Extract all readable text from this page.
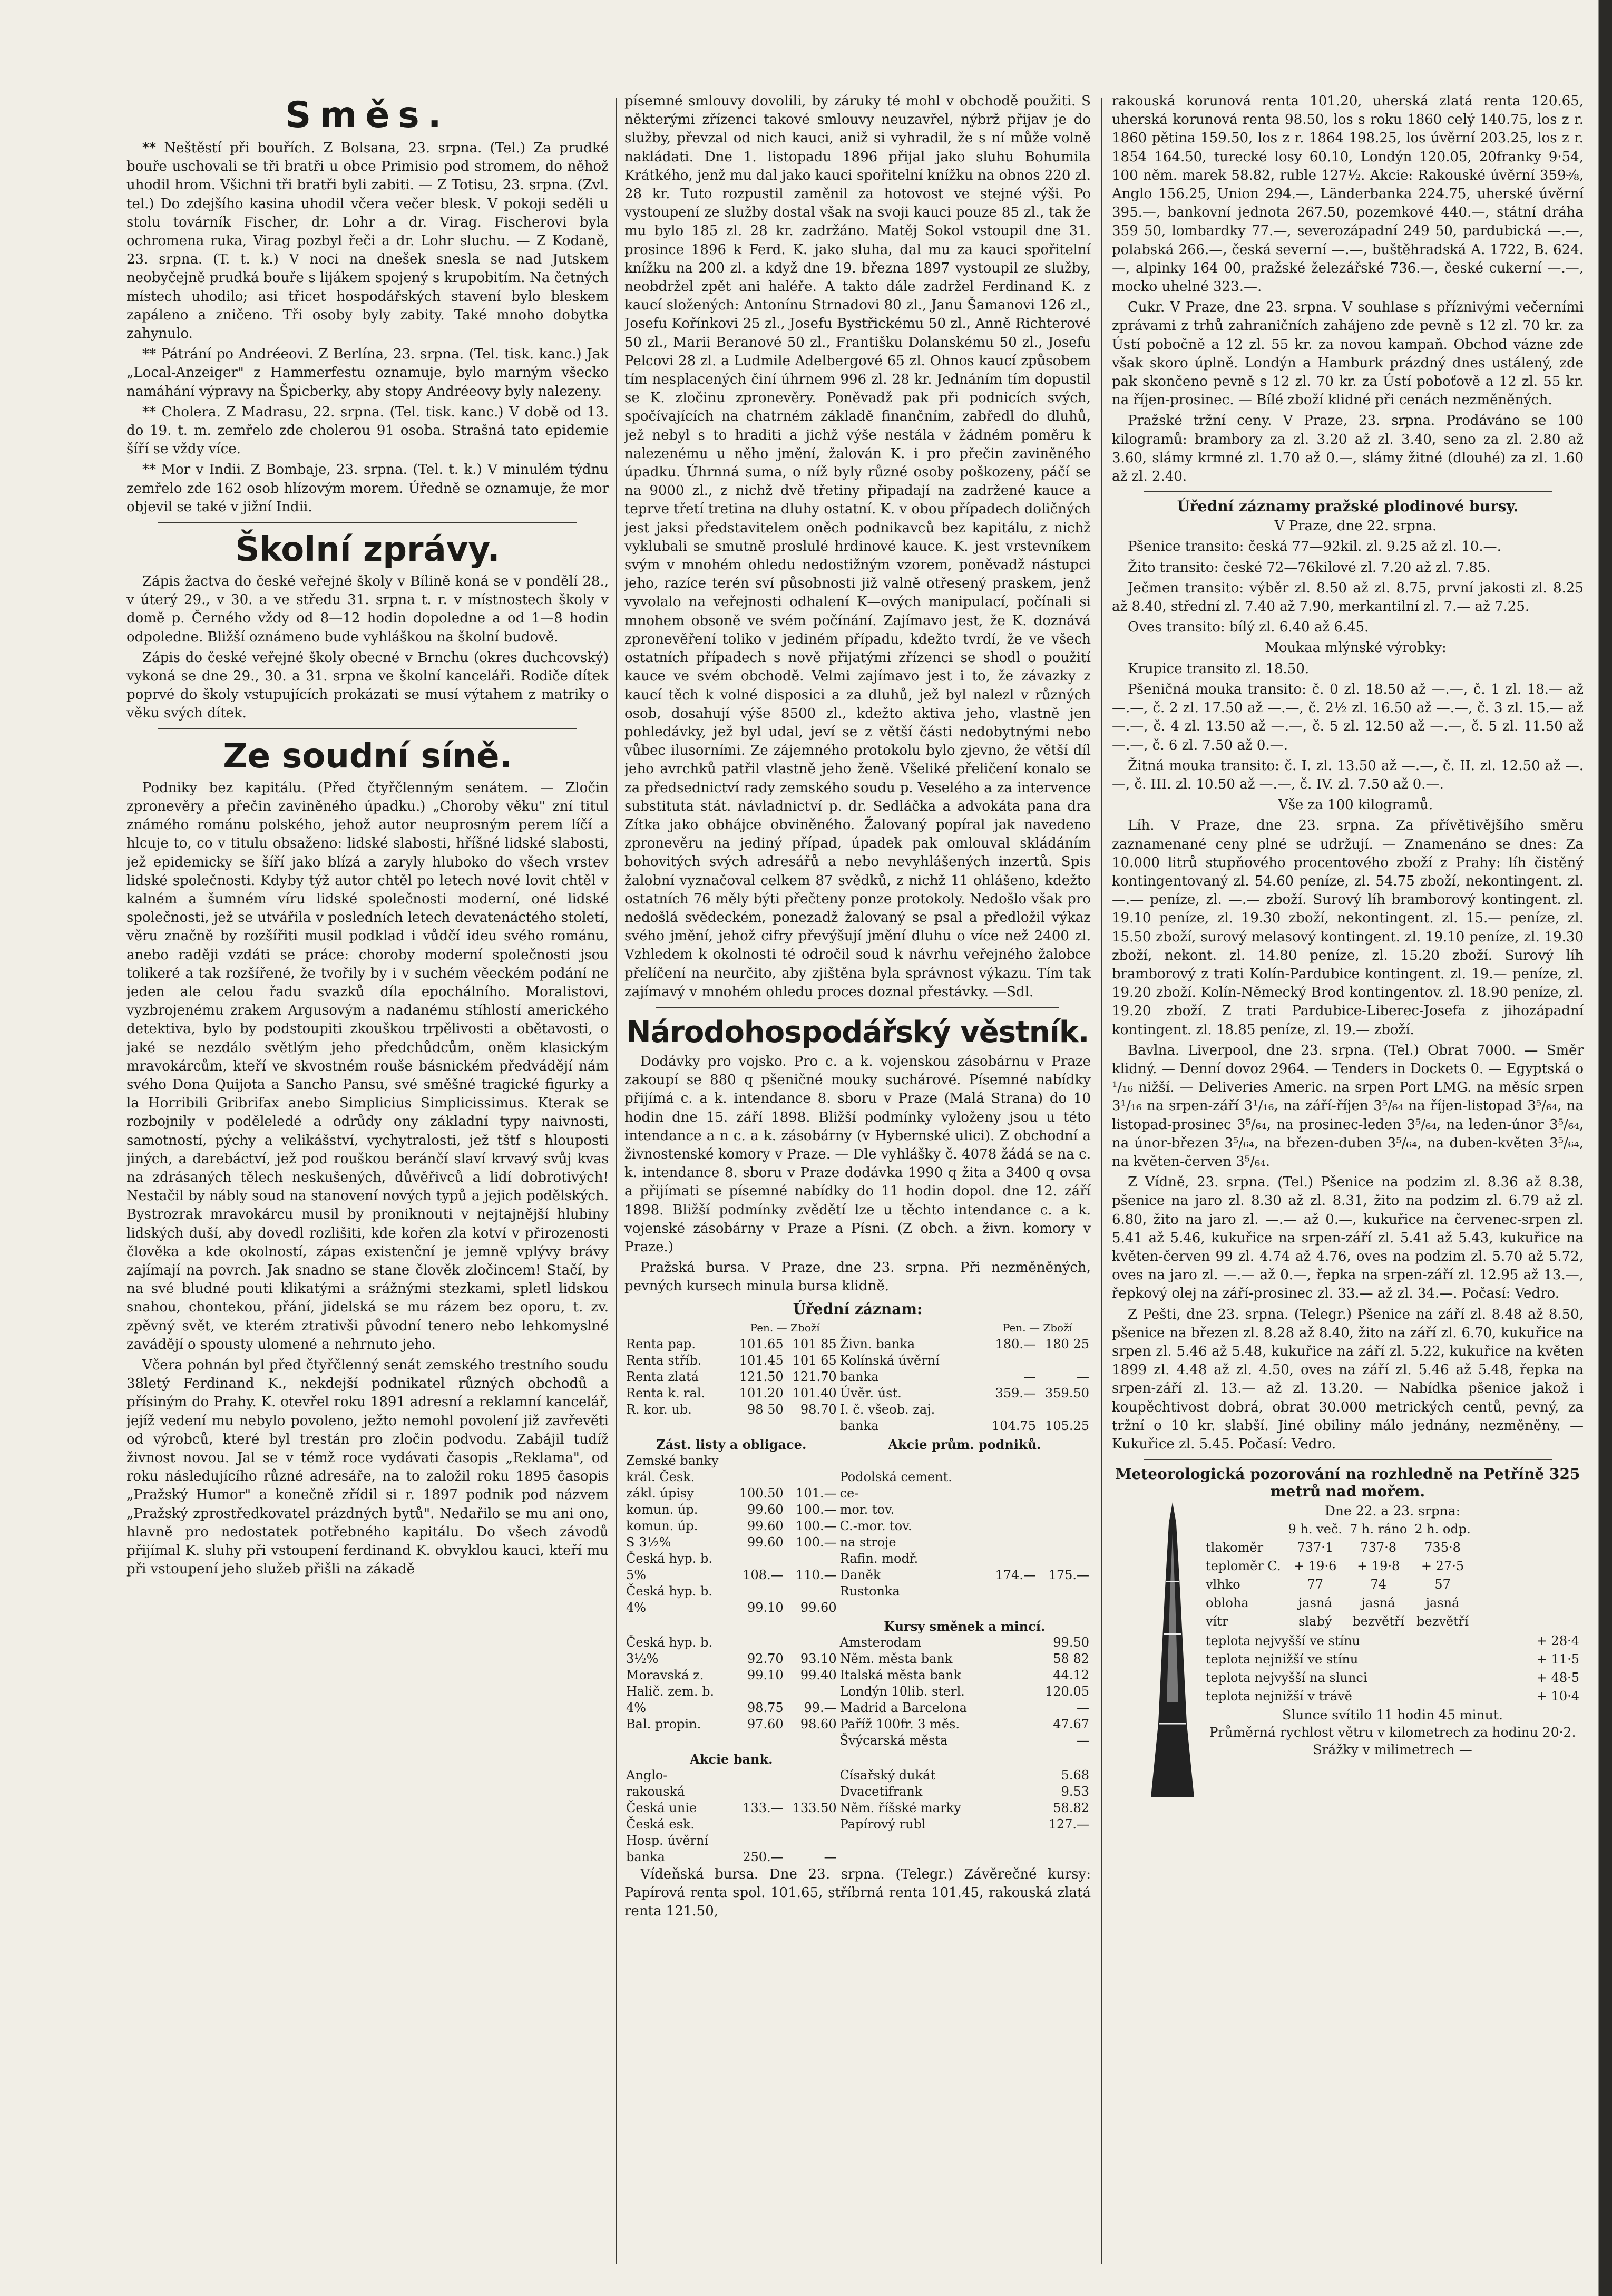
Směs.

** Neštěstí při bouřích. Z Bolsana, 23. srpna. (Tel.) Za prudké bouře uschovali se tři bratři u obce Primisio pod stromem, do něhož uhodil hrom. Všichni tři bratři byli zabiti. — Z Totisu, 23. srpna. (Zvl. tel.) Do zdejšího kasina uhodil včera večer blesk. V pokoji seděli u stolu továrník Fischer, dr. Lohr a dr. Virag. Fischerovi byla ochromena ruka, Virag pozbyl řeči a dr. Lohr sluchu. — Z Kodaně, 23. srpna. (T. t. k.) V noci na dnešek snesla se nad Jutskem neobyčejně prudká bouře s lijákem spojený s krupobitím. Na četných místech uhodilo; asi třicet hospodářských stavení bylo bleskem zapáleno a zničeno. Tři osoby byly zabity. Také mnoho dobytka zahynulo.

** Pátrání po Andréeovi. Z Berlína, 23. srpna. (Tel. tisk. kanc.) Jak „Local-Anzeiger" z Hammerfestu oznamuje, bylo marným všecko namáhání výpravy na Špicberky, aby stopy Andréeovy byly nalezeny.

** Cholera. Z Madrasu, 22. srpna. (Tel. tisk. kanc.) V době od 13. do 19. t. m. zemřelo zde cholerou 91 osoba. Strašná tato epidemie šíří se vždy více.

** Mor v Indii. Z Bombaje, 23. srpna. (Tel. t. k.) V minulém týdnu zemřelo zde 162 osob hlízovým morem. Úředně se oznamuje, že mor objevil se také v jižní Indii.

Školní zprávy.

Zápis žactva do české veřejné školy v Bílině koná se v pondělí 28., v úterý 29., v 30. a ve středu 31. srpna t. r. v místnostech školy v domě p. Černého vždy od 8—12 hodin dopoledne a od 1—8 hodin odpoledne. Bližší oznámeno bude vyhláškou na školní budově.

Zápis do české veřejné školy obecné v Brnchu (okres duchcovský) vykoná se dne 29., 30. a 31. srpna ve školní kanceláři. Rodiče dítek poprvé do školy vstupujících prokázati se musí výtahem z matriky o věku svých dítek.

Ze soudní síně.

Podniky bez kapitálu. (Před čtyřčlenným senátem. — Zločin zpronevěry a přečin zaviněného úpadku.) „Choroby věku" zní titul známého románu polského, jehož autor neuprosným perem líčí a hlcuje to, co v titulu obsaženo: lidské slabosti, hříšné lidské slabosti, jež epidemicky se šíří jako blízá a zaryly hluboko do všech vrstev lidské společnosti. Kdyby týž autor chtěl po letech nové lovit chtěl v kalném a šumném víru lidské společnosti moderní, oné lidské společnosti, jež se utvářila v posledních letech devatenáctého století, věru značně by rozšířiti musil podklad i vůdčí ideu svého románu, anebo raději vzdáti se práce: choroby moderní společnosti jsou tolikeré a tak rozšířené, že tvořily by i v suchém věeckém podání ne jeden ale celou řadu svazků díla epochálního. Moralistovi, vyzbrojenému zrakem Argusovým a nadanému stíhlostí amerického detektiva, bylo by podstoupiti zkouškou trpělivosti a obětavosti, o jaké se nezdálo světlým jeho předchůdcům, oněm klasickým mravokárcům, kteří ve skvostném rouše básnickém předvádějí nám svého Dona Quijota a Sancho Pansu, své směšné tragické figurky a la Horribili Gribrifax anebo Simplicius Simplicissimus. Kterak se rozbojnily v poděleledé a odrůdy ony základní typy naivnosti, samotností, pýchy a velikášství, vychytralosti, jež tštf s hlouposti jiných, a darebáctví, jež pod rouškou beránčí slaví krvavý svůj kvas na zdrásaných tělech neskušených, důvěřivců a lidí dobrotivých! Nestačil by nábly soud na stanovení nových typů a jejich podělských. Bystrozrak mravokárcu musil by proniknouti v nejtajnější hlubiny lidských duší, aby dovedl rozlišiti, kde kořen zla kotví v přirozenosti člověka a kde okolností, zápas existenční je jemně vplývy brávy zajímají na povrch. Jak snadno se stane člověk zločincem! Stačí, by na své bludné pouti klikatými a srážnými stezkami, spletl lidskou snahou, chontekou, přání, jidelská se mu rázem bez oporu, t. zv. zpěvný svět, ve kterém ztrativši původní tenero nebo lehkomyslné zavádějí o spousty ulomené a nehrnuto jeho.

Včera pohnán byl před čtyřčlenný senát zemského trestního soudu 38letý Ferdinand K., nekdejší podnikatel různých obchodů a přísiným do Prahy. K. otevřel roku 1891 adresní a reklamní kancelář, jejíž vedení mu nebylo povoleno, ježto nemohl povolení již zavřevěti od výrobců, které byl trestán pro zločin podvodu. Zabájil tudíž živnost novou. Jal se v témž roce vydávati časopis „Reklama", od roku následujícího různé adresáře, na to založil roku 1895 časopis „Pražský Humor" a konečně zřídil si r. 1897 podnik pod názvem „Pražský zprostředkovatel prázdných bytů". Nedařilo se mu ani ono, hlavně pro nedostatek potřebného kapitálu. Do všech závodů přijímal K. sluhy při vstoupení ferdinand K. obvyklou kauci, kteří mu při vstoupení jeho služeb přišli na zákadě

písemné smlouvy dovolili, by záruky té mohl v obchodě použiti. S některými zřízenci takové smlouvy neuzavřel, nýbrž přijav je do služby, převzal od nich kauci, aniž si vyhradil, že s ní může volně nakládati. Dne 1. listopadu 1896 přijal jako sluhu Bohumila Krátkého, jenž mu dal jako kauci spořitelní knížku na obnos 220 zl. 28 kr. Tuto rozpustil zaměnil za hotovost ve stejné výši. Po vystoupení ze služby dostal však na svoji kauci pouze 85 zl., tak že mu bylo 185 zl. 28 kr. zadržáno. Matěj Sokol vstoupil dne 31. prosince 1896 k Ferd. K. jako sluha, dal mu za kauci spořitelní knížku na 200 zl. a když dne 19. března 1897 vystoupil ze služby, neobdržel zpět ani haléře. A takto dále zadržel Ferdinand K. z kaucí složených: Antonínu Strnadovi 80 zl., Janu Šamanovi 126 zl., Josefu Kořínkovi 25 zl., Josefu Bystřickému 50 zl., Anně Richterové 50 zl., Marii Beranové 50 zl., Františku Dolanskému 50 zl., Josefu Pelcovi 28 zl. a Ludmile Adelbergové 65 zl. Ohnos kaucí způsobem tím nesplacených činí úhrnem 996 zl. 28 kr. Jednáním tím dopustil se K. zločinu zpronevěry. Poněvadž pak při podnicích svých, spočívajících na chatrném základě finančním, zabředl do dluhů, jež nebyl s to hraditi a jichž výše nestála v žádném poměru k nalezenému u něho jmění, žalován K. i pro přečin zaviněného úpadku. Úhrnná suma, o níž byly různé osoby poškozeny, páčí se na 9000 zl., z nichž dvě třetiny připadají na zadržené kauce a teprve třetí tretina na dluhy ostatní. K. v obou případech doličných jest jaksi představitelem oněch podnikavců bez kapitálu, z nichž vyklubali se smutně proslulé hrdinové kauce. K. jest vrstevníkem svým v mnohém ohledu nedostižným vzorem, poněvadž nástupci jeho, razíce terén sví působnosti již valně otřesený praskem, jenž vyvolalo na veřejnosti odhalení K—ových manipulací, počínali si mnohem obsoně ve svém počínání. Zajímavo jest, že K. doznává zpronevěření toliko v jediném případu, kdežto tvrdí, že ve všech ostatních případech s nově přijatými zřízenci se shodl o použití kauce ve svém obchodě. Velmi zajímavo jest i to, že závazky z kaucí těch k volné disposici a za dluhů, jež byl nalezl v různých osob, dosahují výše 8500 zl., kdežto aktiva jeho, vlastně jen pohledávky, jež byl udal, jeví se z větší části nedobytnými nebo vůbec ilusorními. Ze zájemného protokolu bylo zjevno, že větší díl jeho avrchků patřil vlastně jeho ženě. Všeliké přeličení konalo se za předsednictví rady zemského soudu p. Veselého a za intervence substituta stát. návladnictví p. dr. Sedláčka a advokáta pana dra Zítka jako obhájce obviněného. Žalovaný popíral jak navedeno zpronevěru na jediný případ, úpadek pak omlouval skládáním bohovitých svých adresářů a nebo nevyhlášených inzertů. Spis žalobní vyznačoval celkem 87 svědků, z nichž 11 ohlášeno, kdežto ostatních 76 měly býti přečteny ponze protokoly. Nedošlo však pro nedošlá svědeckém, ponezadž žalovaný se psal a předložil výkaz svého jmění, jehož cifry převýšují jmění dluhu o více než 2400 zl. Vzhledem k okolnosti té odročil soud k návrhu veřejného žalobce přelíčení na neurčito, aby zjištěna byla správnost výkazu. Tím tak zajímavý v mnohém ohledu proces doznal přestávky. —Sdl.

Národohospodářský věstník.

Dodávky pro vojsko. Pro c. a k. vojenskou zásobárnu v Praze zakoupí se 880 q pšeničné mouky suchárové. Písemné nabídky přijímá c. a k. intendance 8. sboru v Praze (Malá Strana) do 10 hodin dne 15. září 1898. Bližší podmínky vyloženy jsou u této intendance a n c. a k. zásobárny (v Hybernské ulici). Z obchodní a živnostenské komory v Praze. — Dle vyhlášky č. 4078 žádá se na c. k. intendance 8. sboru v Praze dodávka 1990 q žita a 3400 q ovsa a přijímati se písemné nabídky do 11 hodin dopol. dne 12. září 1898. Bližší podmínky zvědětí lze u těchto intendance c. a k. vojenské zásobárny v Praze a Písni. (Z obch. a živn. komory v Praze.)

Pražská bursa. V Praze, dne 23. srpna. Při nezměněných, pevných kursech minula bursa klidně.

Úřední záznam:
	Pen. — Zboží			Pen. — Zboží	
Renta pap.	101.65	101 85	Živn. banka	180.—	180 25
Renta stříb.	101.45	101 65	Kolínská úvěrní		
Renta zlatá	121.50	121.70	banka	—	—
Renta k. ral.	101.20	101.40	Úvěr. úst.	359.—	359.50
R. kor. ub.	98 50	98.70	I. č. všeob. zaj.		
			banka	104.75	105.25
Zást. listy a obligace.			Akcie prům. podniků.		
Zemské banky					
král. Česk.			Podolská cement.		
zákl. úpisy	100.50	101.—	ce-		
komun. úp.	99.60	100.—	mor. tov.		
komun. úp.	99.60	100.—	C.-mor. tov.		
S 3½%	99.60	100.—	na stroje		
Česká hyp. b.			Rafin. modř.		
5%	108.—	110.—	Daněk	174.—	175.—
Česká hyp. b.			Rustonka		
4%	99.10	99.60			
			Kursy směnek a mincí.		
Česká hyp. b.			Amsterodam		99.50
3½%	92.70	93.10	Něm. města bank		58 82
Moravská z.	99.10	99.40	Italská města bank		44.12
Halič. zem. b.			Londýn 10lib. sterl.		120.05
4%	98.75	99.—	Madrid a Barcelona		—
Bal. propin.	97.60	98.60	Paříž 100fr. 3 měs.		47.67
			Švýcarská města		—
Akcie bank.					
Anglo-			Císařský dukát		5.68
rakouská			Dvacetifrank		9.53
Česká unie	133.—	133.50	Něm. říšské marky		58.82
Česká esk.			Papírový rubl		127.—
Hosp. úvěrní					
banka	250.—	—			

Vídeňská bursa. Dne 23. srpna. (Telegr.) Závěrečné kursy: Papírová renta spol. 101.65, stříbrná renta 101.45, rakouská zlatá renta 121.50,

rakouská korunová renta 101.20, uherská zlatá renta 120.65, uherská korunová renta 98.50, los s roku 1860 celý 140.75, los z r. 1860 pětina 159.50, los z r. 1864 198.25, los úvěrní 203.25, los z r. 1854 164.50, turecké losy 60.10, Londýn 120.05, 20franky 9·54, 100 něm. marek 58.82, ruble 127½. Akcie: Rakouské úvěrní 359⅝, Anglo 156.25, Union 294.—, Länderbanka 224.75, uherské úvěrní 395.—, bankovní jednota 267.50, pozemkové 440.—, státní dráha 359 50, lombardky 77.—, severozápadní 249 50, pardubická —.—, polabská 266.—, česká severní —.—, buštěhradská A. 1722, B. 624.—, alpinky 164 00, pražské železářské 736.—, české cukerní —.—, mocko uhelné 323.—.

Cukr. V Praze, dne 23. srpna. V souhlase s příznivými večerními zprávami z trhů zahraničních zahájeno zde pevně s 12 zl. 70 kr. za Ústí pobočně a 12 zl. 55 kr. za novou kampaň. Obchod vázne zde však skoro úplně. Londýn a Hamburk prázdný dnes ustálený, zde pak skončeno pevně s 12 zl. 70 kr. za Ústí poboťově a 12 zl. 55 kr. na říjen-prosinec. — Bílé zboží klidné při cenách nezměněných.

Pražské tržní ceny. V Praze, 23. srpna. Prodáváno se 100 kilogramů: brambory za zl. 3.20 až zl. 3.40, seno za zl. 2.80 až 3.60, slámy krmné zl. 1.70 až 0.—, slámy žitné (dlouhé) za zl. 1.60 až zl. 2.40.

Úřední záznamy pražské plodinové bursy.

V Praze, dne 22. srpna.

Pšenice transito: česká 77—92kil. zl. 9.25 až zl. 10.—.

Žito transito: české 72—76kilové zl. 7.20 až zl. 7.85.

Ječmen transito: výběr zl. 8.50 až zl. 8.75, první jakosti zl. 8.25 až 8.40, střední zl. 7.40 až 7.90, merkantilní zl. 7.— až 7.25.

Oves transito: bílý zl. 6.40 až 6.45.

Moukaa mlýnské výrobky:

Krupice transito zl. 18.50.

Pšeničná mouka transito: č. 0 zl. 18.50 až —.—, č. 1 zl. 18.— až —.—, č. 2 zl. 17.50 až —.—, č. 2½ zl. 16.50 až —.—, č. 3 zl. 15.— až —.—, č. 4 zl. 13.50 až —.—, č. 5 zl. 12.50 až —.—, č. 5 zl. 11.50 až —.—, č. 6 zl. 7.50 až 0.—.

Žitná mouka transito: č. I. zl. 13.50 až —.—, č. II. zl. 12.50 až —.—, č. III. zl. 10.50 až —.—, č. IV. zl. 7.50 až 0.—.

Vše za 100 kilogramů.

Líh. V Praze, dne 23. srpna. Za přívětivějšího směru zaznamenané ceny plné se udržují. — Znamenáno se dnes: Za 10.000 litrů stupňového procentového zboží z Prahy: líh čistěný kontingentovaný zl. 54.60 peníze, zl. 54.75 zboží, nekontingent. zl. —.— peníze, zl. —.— zboží. Surový líh bramborový kontingent. zl. 19.10 peníze, zl. 19.30 zboží, nekontingent. zl. 15.— peníze, zl. 15.50 zboží, surový melasový kontingent. zl. 19.10 peníze, zl. 19.30 zboží, nekont. zl. 14.80 peníze, zl. 15.20 zboží. Surový líh bramborový z trati Kolín-Pardubice kontingent. zl. 19.— peníze, zl. 19.20 zboží. Kolín-Německý Brod kontingentov. zl. 18.90 peníze, zl. 19.20 zboží. Z trati Pardubice-Liberec-Josefa z jihozápadní kontingent. zl. 18.85 peníze, zl. 19.— zboží.

Bavlna. Liverpool, dne 23. srpna. (Tel.) Obrat 7000. — Směr klidný. — Denní dovoz 2964. — Tenders in Dockets 0. — Egyptská o ¹/₁₆ nižší. — Deliveries Americ. na srpen Port LMG. na měsíc srpen 3¹/₁₆ na srpen-září 3¹/₁₆, na září-říjen 3⁵/₆₄ na říjen-listopad 3⁵/₆₄, na listopad-prosinec 3⁵/₆₄, na prosinec-leden 3⁵/₆₄, na leden-únor 3⁵/₆₄, na únor-březen 3⁵/₆₄, na březen-duben 3⁵/₆₄, na duben-květen 3⁵/₆₄, na květen-červen 3⁵/₆₄.

Z Vídně, 23. srpna. (Tel.) Pšenice na podzim zl. 8.36 až 8.38, pšenice na jaro zl. 8.30 až zl. 8.31, žito na podzim zl. 6.79 až zl. 6.80, žito na jaro zl. —.— až 0.—, kukuřice na červenec-srpen zl. 5.41 až 5.46, kukuřice na srpen-září zl. 5.41 až 5.43, kukuřice na květen-červen 99 zl. 4.74 až 4.76, oves na podzim zl. 5.70 až 5.72, oves na jaro zl. —.— až 0.—, řepka na srpen-září zl. 12.95 až 13.—, řepkový olej na září-prosinec zl. 33.— až zl. 34.—. Počasí: Vedro.

Z Pešti, dne 23. srpna. (Telegr.) Pšenice na září zl. 8.48 až 8.50, pšenice na březen zl. 8.28 až 8.40, žito na září zl. 6.70, kukuřice na srpen zl. 5.46 až 5.48, kukuřice na září zl. 5.22, kukuřice na květen 1899 zl. 4.48 až zl. 4.50, oves na září zl. 5.46 až 5.48, řepka na srpen-září zl. 13.— až zl. 13.20. — Nabídka pšenice jakož i koupěchtivost dobrá, obrat 30.000 metrických centů, pevný, za tržní o 10 kr. slabší. Jiné obiliny málo jednány, nezměněny. — Kukuřice zl. 5.45. Počasí: Vedro.

Meteorologická pozorování na rozhledně na Petříně 325 metrů nad mořem.
Dne 22. a 23. srpna:
	9 h. več.	7 h. ráno	2 h. odp.
tlakoměr	737·1	737·8	735·8
teploměr C.	+ 19·6	+ 19·8	+ 27·5
vlhko	77	74	57
obloha	jasná	jasná	jasná
vítr	slabý	bezvětří	bezvětří
teplota nejvyšší ve stínu	+ 28·4
teplota nejnižší ve stínu	+ 11·5
teplota nejvyšší na slunci	+ 48·5
teplota nejnižší v trávě	+ 10·4
Slunce svítilo 11 hodin 45 minut.
Průměrná rychlost větru v kilometrech za hodinu 20·2.
Srážky v milimetrech —
